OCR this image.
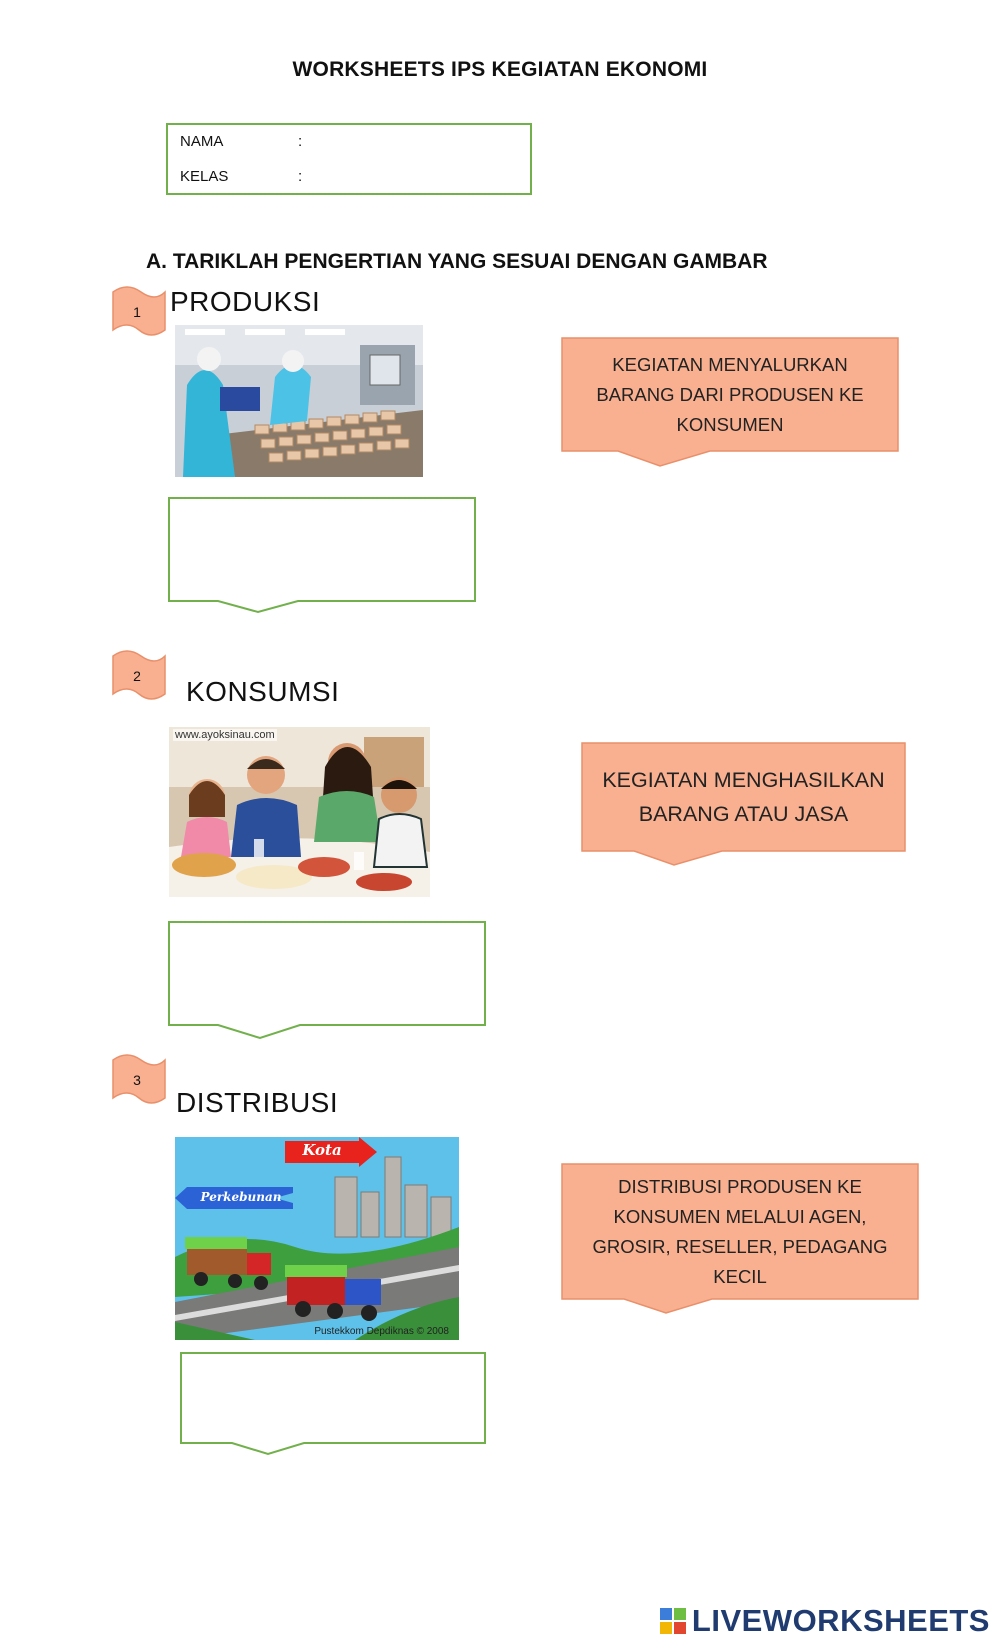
WORKSHEETS IPS KEGIATAN EKONOMI
NAMA	:
KELAS	:
A. TARIKLAH PENGERTIAN YANG SESUAI DENGAN GAMBAR
1	PRODUKSI
KEGIATAN MENYALURKAN BARANG DARI PRODUSEN KE KONSUMEN
2	KONSUMSI
www.ayoksinau.com
KEGIATAN MENGHASILKAN BARANG ATAU JASA
3
DISTRIBUSI
Kota
Perkebunan
Pustekkom Depdiknas © 2008
DISTRIBUSI PRODUSEN KE KONSUMEN MELALUI AGEN, GROSIR, RESELLER, PEDAGANG KECIL
LIVEWORKSHEETS
